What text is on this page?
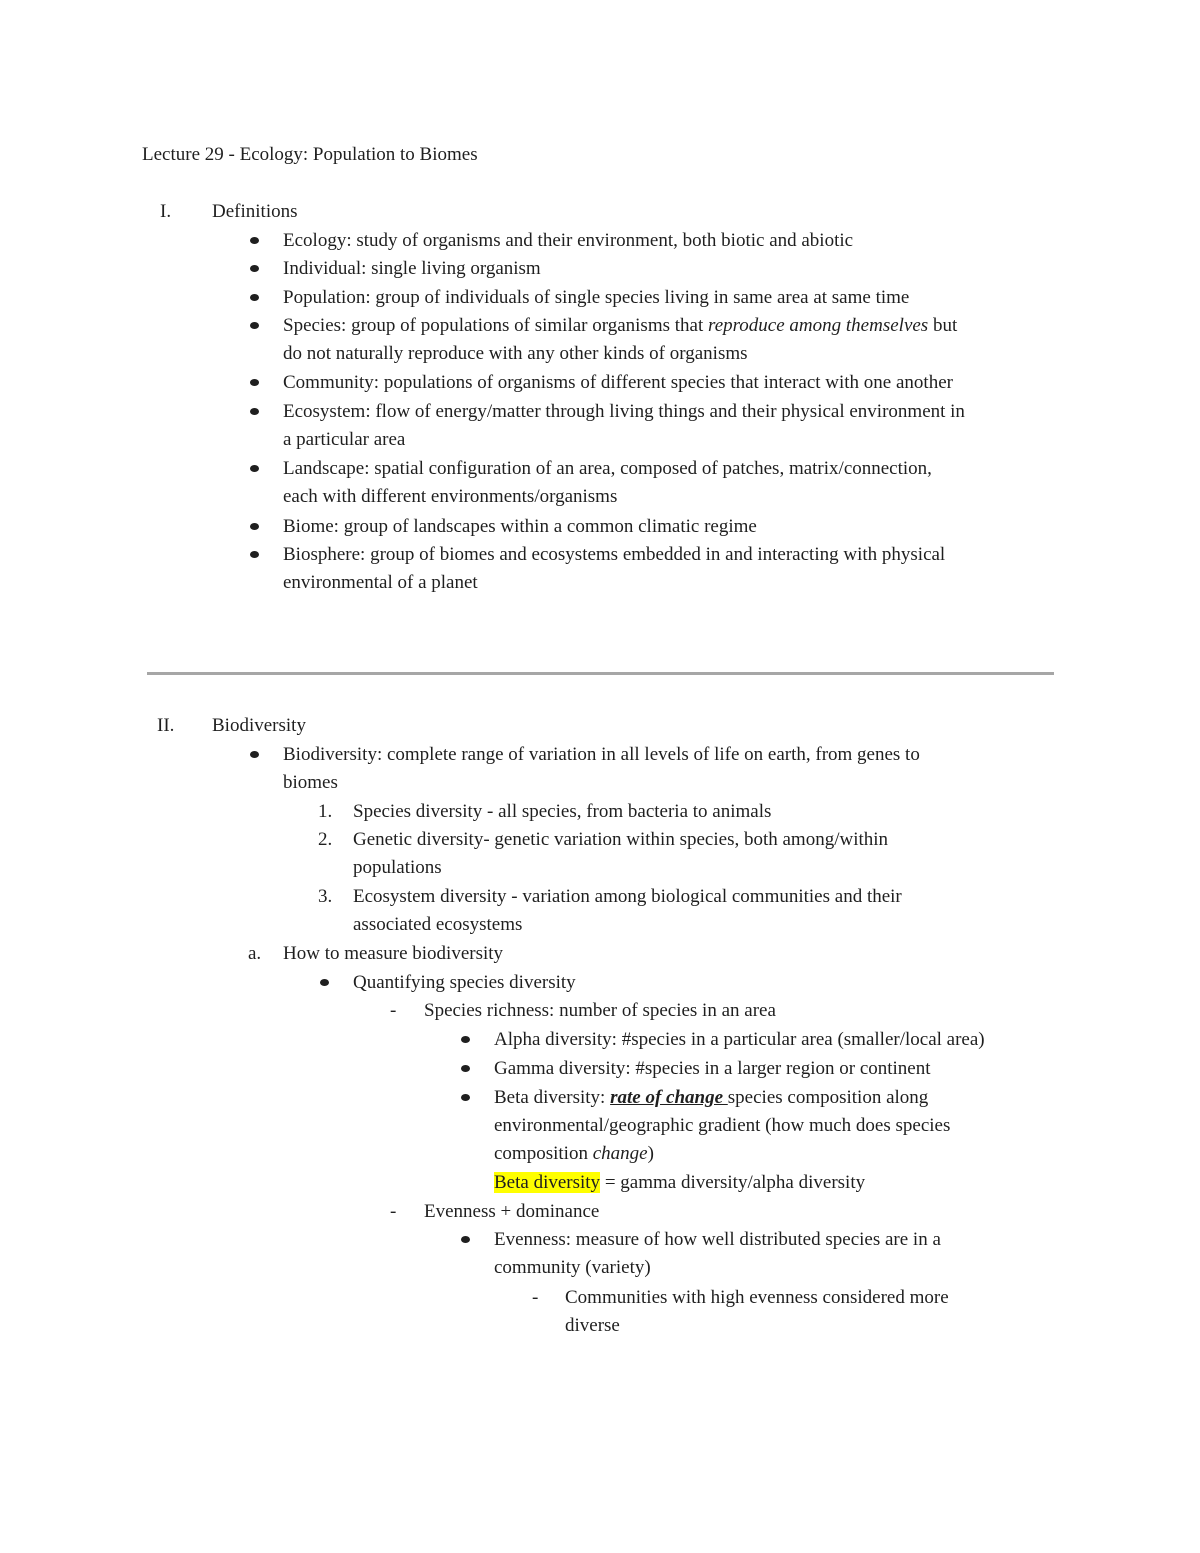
Lecture 29 - Ecology: Population to Biomes
I. Definitions
Ecology: study of organisms and their environment, both biotic and abiotic
Individual: single living organism
Population: group of individuals of single species living in same area at same time
Species: group of populations of similar organisms that reproduce among themselves but
do not naturally reproduce with any other kinds of organisms
Community: populations of organisms of different species that interact with one another
Ecosystem: flow of energy/matter through living things and their physical environment in
a particular area
Landscape: spatial configuration of an area, composed of patches, matrix/connection,
each with different environments/organisms
Biome: group of landscapes within a common climatic regime
Biosphere: group of biomes and ecosystems embedded in and interacting with physical
environmental of a planet
II. Biodiversity
Biodiversity: complete range of variation in all levels of life on earth, from genes to
biomes
1. Species diversity - all species, from bacteria to animals
2. Genetic diversity- genetic variation within species, both among/within
populations
3. Ecosystem diversity - variation among biological communities and their
associated ecosystems
a. How to measure biodiversity
Quantifying species diversity
- Species richness: number of species in an area
Alpha diversity: #species in a particular area (smaller/local area)
Gamma diversity: #species in a larger region or continent
Beta diversity: rate of change species composition along
environmental/geographic gradient (how much does species
composition change)
Beta diversity = gamma diversity/alpha diversity
- Evenness + dominance
Evenness: measure of how well distributed species are in a
community (variety)
- Communities with high evenness considered more
diverse
